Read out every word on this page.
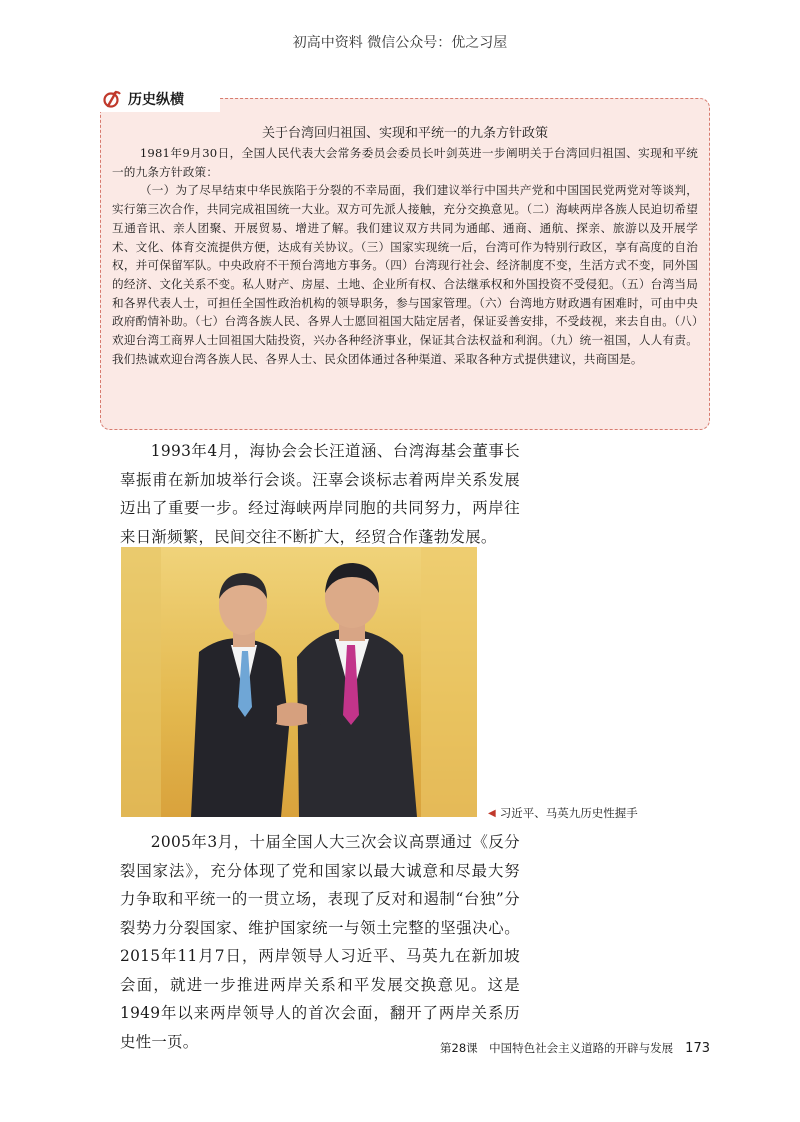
初高中资料 微信公众号：优之习屋
历史纵横
关于台湾回归祖国、实现和平统一的九条方针政策

1981年9月30日，全国人民代表大会常务委员会委员长叶剑英进一步阐明关于台湾回归祖国、实现和平统一的九条方针政策：

（一）为了尽早结束中华民族陷于分裂的不幸局面，我们建议举行中国共产党和中国国民党两党对等谈判，实行第三次合作，共同完成祖国统一大业。双方可先派人接触，充分交换意见。（二）海峡两岸各族人民迫切希望互通音讯、亲人团聚、开展贸易、增进了解。我们建议双方共同为通邮、通商、通航、探亲、旅游以及开展学术、文化、体育交流提供方便，达成有关协议。（三）国家实现统一后，台湾可作为特别行政区，享有高度的自治权，并可保留军队。中央政府不干预台湾地方事务。（四）台湾现行社会、经济制度不变，生活方式不变，同外国的经济、文化关系不变。私人财产、房屋、土地、企业所有权、合法继承权和外国投资不受侵犯。（五）台湾当局和各界代表人士，可担任全国性政治机构的领导职务，参与国家管理。（六）台湾地方财政遇有困难时，可由中央政府酌情补助。（七）台湾各族人民、各界人士愿回祖国大陆定居者，保证妥善安排，不受歧视，来去自由。（八）欢迎台湾工商界人士回祖国大陆投资，兴办各种经济事业，保证其合法权益和利润。（九）统一祖国，人人有责。我们热诚欢迎台湾各族人民、各界人士、民众团体通过各种渠道、采取各种方式提供建议，共商国是。

1993年4月，海协会会长汪道涵、台湾海基会董事长辜振甫在新加坡举行会谈。汪辜会谈标志着两岸关系发展迈出了重要一步。经过海峡两岸同胞的共同努力，两岸往来日渐频繁，民间交往不断扩大，经贸合作蓬勃发展。

◀ 习近平、马英九历史性握手

2005年3月，十届全国人大三次会议高票通过《反分裂国家法》，充分体现了党和国家以最大诚意和尽最大努力争取和平统一的一贯立场，表现了反对和遏制“台独”分裂势力分裂国家、维护国家统一与领土完整的坚强决心。2015年11月7日，两岸领导人习近平、马英九在新加坡会面，就进一步推进两岸关系和平发展交换意见。这是1949年以来两岸领导人的首次会面，翻开了两岸关系历史性一页。	第28课　中国特色社会主义道路的开辟与发展 173
